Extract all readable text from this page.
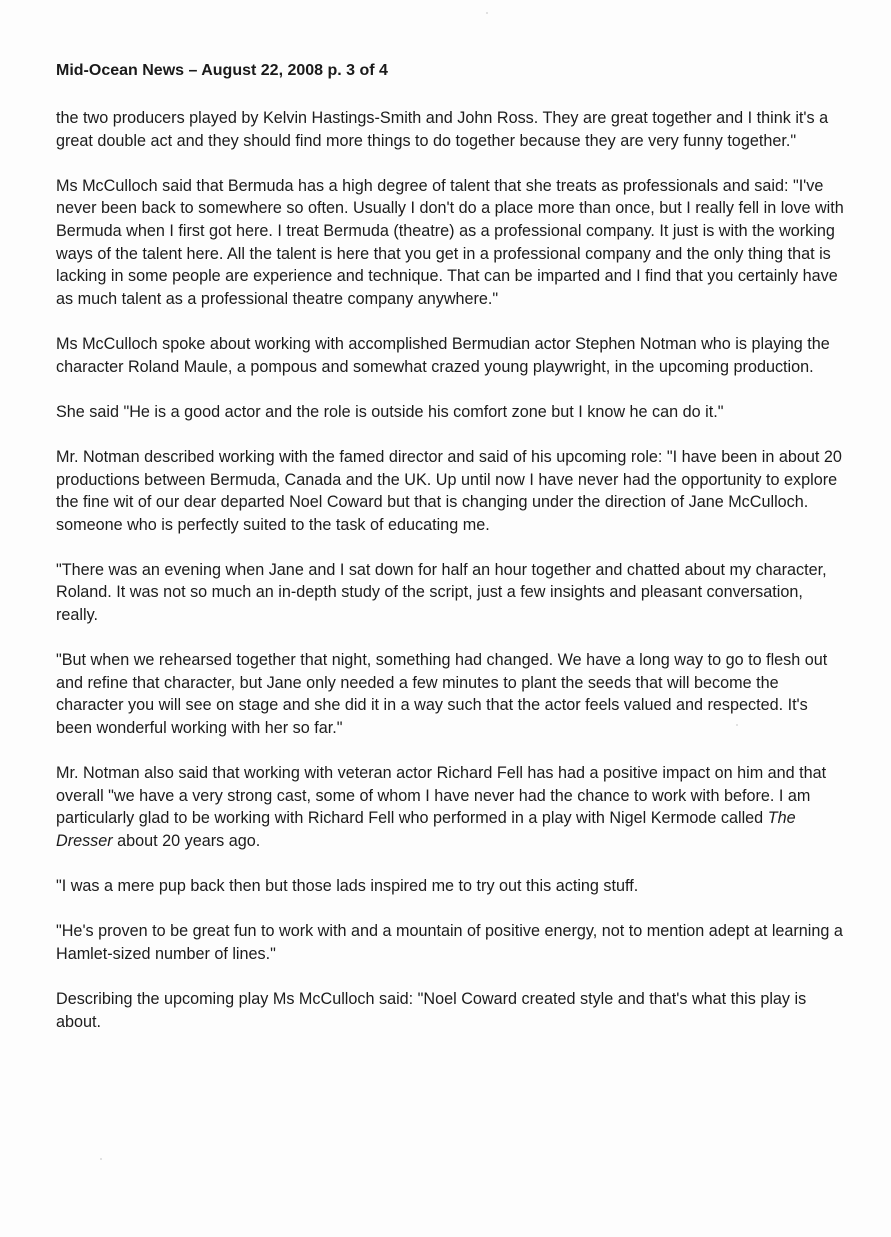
Mid-Ocean News – August 22, 2008 p. 3 of 4

the two producers played by Kelvin Hastings-Smith and John Ross. They are great together and I think it's a great double act and they should find more things to do together because they are very funny together."

Ms McCulloch said that Bermuda has a high degree of talent that she treats as professionals and said: "I've never been back to somewhere so often. Usually I don't do a place more than once, but I really fell in love with Bermuda when I first got here. I treat Bermuda (theatre) as a professional company. It just is with the working ways of the talent here. All the talent is here that you get in a professional company and the only thing that is lacking in some people are experience and technique. That can be imparted and I find that you certainly have as much talent as a professional theatre company anywhere."

Ms McCulloch spoke about working with accomplished Bermudian actor Stephen Notman who is playing the character Roland Maule, a pompous and somewhat crazed young playwright, in the upcoming production.

She said "He is a good actor and the role is outside his comfort zone but I know he can do it."

Mr. Notman described working with the famed director and said of his upcoming role: "I have been in about 20 productions between Bermuda, Canada and the UK. Up until now I have never had the opportunity to explore the fine wit of our dear departed Noel Coward but that is changing under the direction of Jane McCulloch. someone who is perfectly suited to the task of educating me.

"There was an evening when Jane and I sat down for half an hour together and chatted about my character, Roland. It was not so much an in-depth study of the script, just a few insights and pleasant conversation, really.

"But when we rehearsed together that night, something had changed. We have a long way to go to flesh out and refine that character, but Jane only needed a few minutes to plant the seeds that will become the character you will see on stage and she did it in a way such that the actor feels valued and respected. It's been wonderful working with her so far."

Mr. Notman also said that working with veteran actor Richard Fell has had a positive impact on him and that overall "we have a very strong cast, some of whom I have never had the chance to work with before. I am particularly glad to be working with Richard Fell who performed in a play with Nigel Kermode called The Dresser about 20 years ago.

"I was a mere pup back then but those lads inspired me to try out this acting stuff.

"He's proven to be great fun to work with and a mountain of positive energy, not to mention adept at learning a Hamlet-sized number of lines."

Describing the upcoming play Ms McCulloch said: "Noel Coward created style and that's what this play is about.
